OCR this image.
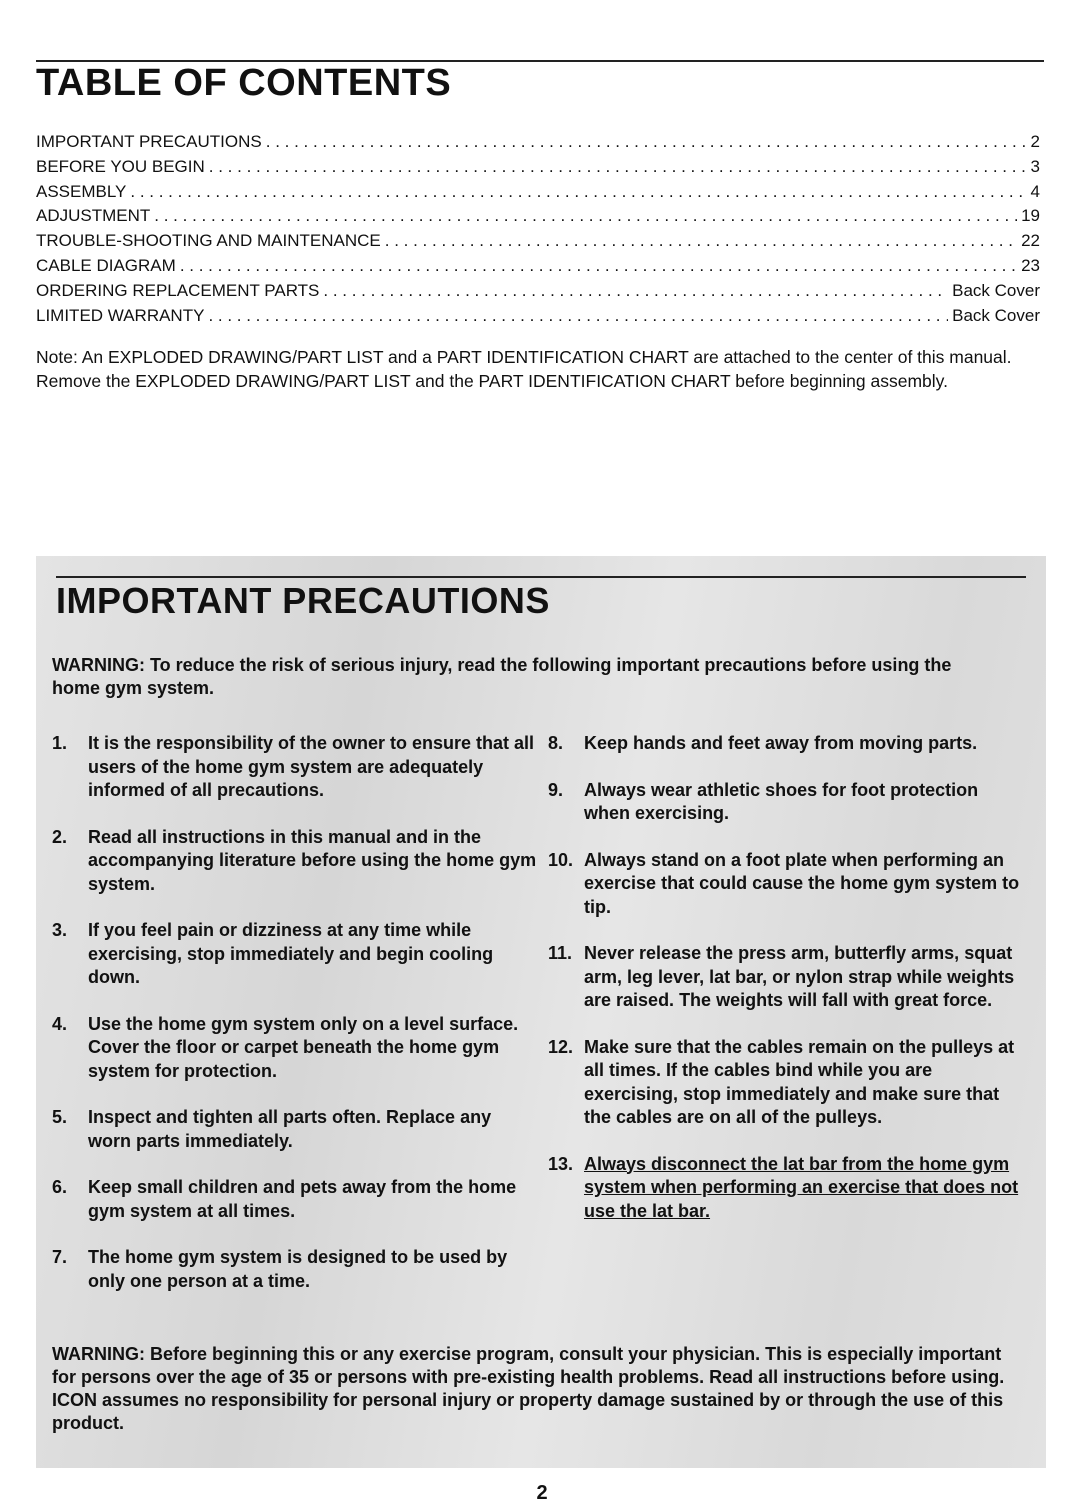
TABLE OF CONTENTS
IMPORTANT PRECAUTIONS . . .	2
BEFORE YOU BEGIN . . .	3
ASSEMBLY . . .	4
ADJUSTMENT . . .	19
TROUBLE-SHOOTING AND MAINTENANCE . . .	22
CABLE DIAGRAM . . .	23
ORDERING REPLACEMENT PARTS . . .	Back Cover
LIMITED WARRANTY . . .	Back Cover
Note: An EXPLODED DRAWING/PART LIST and a PART IDENTIFICATION CHART are attached to the center of this manual. Remove the EXPLODED DRAWING/PART LIST and the PART IDENTIFICATION CHART before beginning assembly.
IMPORTANT PRECAUTIONS
WARNING: To reduce the risk of serious injury, read the following important precautions before using the home gym system.
1.	It is the responsibility of the owner to ensure that all users of the home gym system are adequately informed of all precautions.
2.	Read all instructions in this manual and in the accompanying literature before using the home gym system.
3.	If you feel pain or dizziness at any time while exercising, stop immediately and begin cooling down.
4.	Use the home gym system only on a level surface. Cover the floor or carpet beneath the home gym system for protection.
5.	Inspect and tighten all parts often. Replace any worn parts immediately.
6.	Keep small children and pets away from the home gym system at all times.
7.	The home gym system is designed to be used by only one person at a time.
8.	Keep hands and feet away from moving parts.
9.	Always wear athletic shoes for foot protection when exercising.
10. Always stand on a foot plate when performing an exercise that could cause the home gym system to tip.
11. Never release the press arm, butterfly arms, squat arm, leg lever, lat bar, or nylon strap while weights are raised. The weights will fall with great force.
12. Make sure that the cables remain on the pulleys at all times. If the cables bind while you are exercising, stop immediately and make sure that the cables are on all of the pulleys.
13. Always disconnect the lat bar from the home gym system when performing an exercise that does not use the lat bar.
WARNING: Before beginning this or any exercise program, consult your physician. This is especially important for persons over the age of 35 or persons with pre-existing health problems. Read all instructions before using. ICON assumes no responsibility for personal injury or property damage sustained by or through the use of this product.
2
